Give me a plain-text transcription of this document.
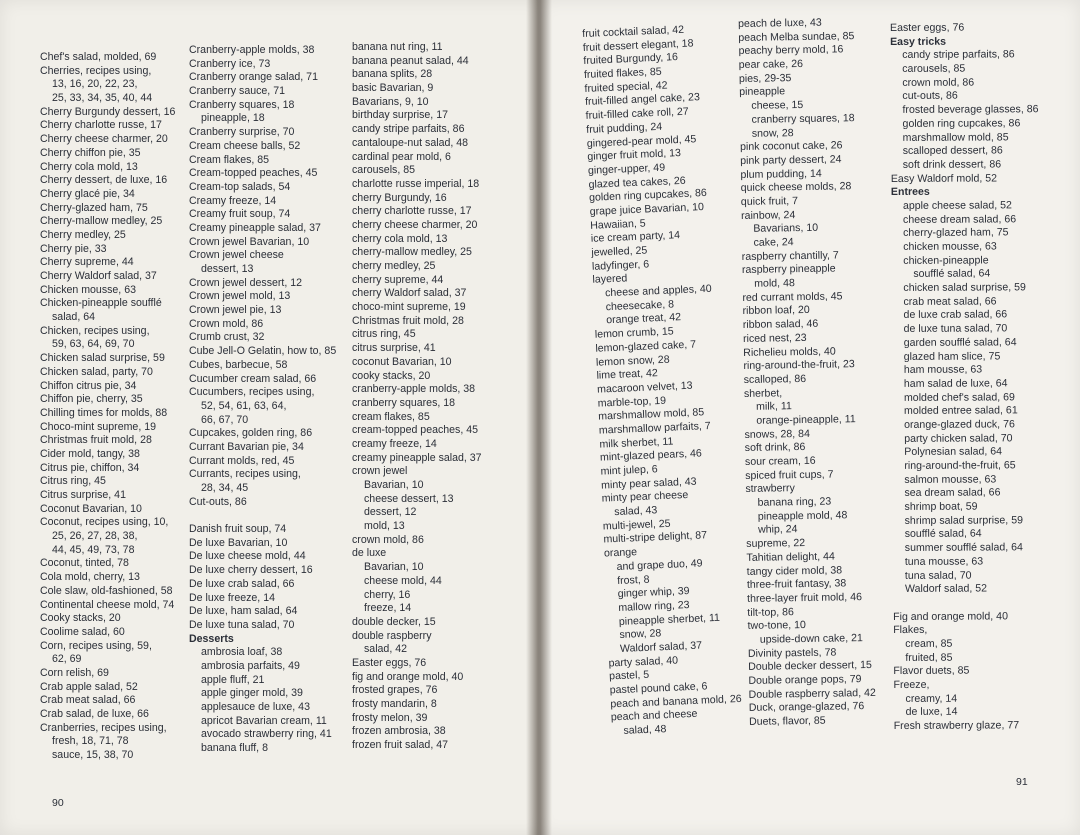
Chef's salad, molded, 69
Cherries, recipes using,
13, 16, 20, 22, 23,
25, 33, 34, 35, 40, 44
Cherry Burgundy dessert, 16
Cherry charlotte russe, 17
Cherry cheese charmer, 20
Cherry chiffon pie, 35
Cherry cola mold, 13
Cherry dessert, de luxe, 16
Cherry glacé pie, 34
Cherry-glazed ham, 75
Cherry-mallow medley, 25
Cherry medley, 25
Cherry pie, 33
Cherry supreme, 44
Cherry Waldorf salad, 37
Chicken mousse, 63
Chicken-pineapple soufflé
salad, 64
Chicken, recipes using,
59, 63, 64, 69, 70
Chicken salad surprise, 59
Chicken salad, party, 70
Chiffon citrus pie, 34
Chiffon pie, cherry, 35
Chilling times for molds, 88
Choco-mint supreme, 19
Christmas fruit mold, 28
Cider mold, tangy, 38
Citrus pie, chiffon, 34
Citrus ring, 45
Citrus surprise, 41
Coconut Bavarian, 10
Coconut, recipes using, 10,
25, 26, 27, 28, 38,
44, 45, 49, 73, 78
Coconut, tinted, 78
Cola mold, cherry, 13
Cole slaw, old-fashioned, 58
Continental cheese mold, 74
Cooky stacks, 20
Coolime salad, 60
Corn, recipes using, 59,
62, 69
Corn relish, 69
Crab apple salad, 52
Crab meat salad, 66
Crab salad, de luxe, 66
Cranberries, recipes using,
fresh, 18, 71, 78
sauce, 15, 38, 70
Cranberry-apple molds, 38
Cranberry ice, 73
Cranberry orange salad, 71
Cranberry sauce, 71
Cranberry squares, 18
pineapple, 18
Cranberry surprise, 70
Cream cheese balls, 52
Cream flakes, 85
Cream-topped peaches, 45
Cream-top salads, 54
Creamy freeze, 14
Creamy fruit soup, 74
Creamy pineapple salad, 37
Crown jewel Bavarian, 10
Crown jewel cheese
dessert, 13
Crown jewel dessert, 12
Crown jewel mold, 13
Crown jewel pie, 13
Crown mold, 86
Crumb crust, 32
Cube Jell-O Gelatin, how to, 85
Cubes, barbecue, 58
Cucumber cream salad, 66
Cucumbers, recipes using,
52, 54, 61, 63, 64,
66, 67, 70
Cupcakes, golden ring, 86
Currant Bavarian pie, 34
Currant molds, red, 45
Currants, recipes using,
28, 34, 45
Cut-outs, 86
Danish fruit soup, 74
De luxe Bavarian, 10
De luxe cheese mold, 44
De luxe cherry dessert, 16
De luxe crab salad, 66
De luxe freeze, 14
De luxe, ham salad, 64
De luxe tuna salad, 70
Desserts
ambrosia loaf, 38
ambrosia parfaits, 49
apple fluff, 21
apple ginger mold, 39
applesauce de luxe, 43
apricot Bavarian cream, 11
avocado strawberry ring, 41
banana fluff, 8
banana nut ring, 11
banana peanut salad, 44
banana splits, 28
basic Bavarian, 9
Bavarians, 9, 10
birthday surprise, 17
candy stripe parfaits, 86
cantaloupe-nut salad, 48
cardinal pear mold, 6
carousels, 85
charlotte russe imperial, 18
cherry Burgundy, 16
cherry charlotte russe, 17
cherry cheese charmer, 20
cherry cola mold, 13
cherry-mallow medley, 25
cherry medley, 25
cherry supreme, 44
cherry Waldorf salad, 37
choco-mint supreme, 19
Christmas fruit mold, 28
citrus ring, 45
citrus surprise, 41
coconut Bavarian, 10
cooky stacks, 20
cranberry-apple molds, 38
cranberry squares, 18
cream flakes, 85
cream-topped peaches, 45
creamy freeze, 14
creamy pineapple salad, 37
crown jewel
Bavarian, 10
cheese dessert, 13
dessert, 12
mold, 13
crown mold, 86
de luxe
Bavarian, 10
cheese mold, 44
cherry, 16
freeze, 14
double decker, 15
double raspberry
salad, 42
Easter eggs, 76
fig and orange mold, 40
frosted grapes, 76
frosty mandarin, 8
frosty melon, 39
frozen ambrosia, 38
frozen fruit salad, 47
90
fruit cocktail salad, 42
fruit dessert elegant, 18
fruited Burgundy, 16
fruited flakes, 85
fruited special, 42
fruit-filled angel cake, 23
fruit-filled cake roll, 27
fruit pudding, 24
gingered-pear mold, 45
ginger fruit mold, 13
ginger-upper, 49
glazed tea cakes, 26
golden ring cupcakes, 86
grape juice Bavarian, 10
Hawaiian, 5
ice cream party, 14
jewelled, 25
ladyfinger, 6
layered
cheese and apples, 40
cheesecake, 8
orange treat, 42
lemon crumb, 15
lemon-glazed cake, 7
lemon snow, 28
lime treat, 42
macaroon velvet, 13
marble-top, 19
marshmallow mold, 85
marshmallow parfaits, 7
milk sherbet, 11
mint-glazed pears, 46
mint julep, 6
minty pear salad, 43
minty pear cheese
salad, 43
multi-jewel, 25
multi-stripe delight, 87
orange
and grape duo, 49
frost, 8
ginger whip, 39
mallow ring, 23
pineapple sherbet, 11
snow, 28
Waldorf salad, 37
party salad, 40
pastel, 5
pastel pound cake, 6
peach and banana mold, 26
peach and cheese
salad, 48
peach de luxe, 43
peach Melba sundae, 85
peachy berry mold, 16
pear cake, 26
pies, 29-35
pineapple
cheese, 15
cranberry squares, 18
snow, 28
pink coconut cake, 26
pink party dessert, 24
plum pudding, 14
quick cheese molds, 28
quick fruit, 7
rainbow, 24
Bavarians, 10
cake, 24
raspberry chantilly, 7
raspberry pineapple
mold, 48
red currant molds, 45
ribbon loaf, 20
ribbon salad, 46
riced nest, 23
Richelieu molds, 40
ring-around-the-fruit, 23
scalloped, 86
sherbet,
milk, 11
orange-pineapple, 11
snows, 28, 84
soft drink, 86
sour cream, 16
spiced fruit cups, 7
strawberry
banana ring, 23
pineapple mold, 48
whip, 24
supreme, 22
Tahitian delight, 44
tangy cider mold, 38
three-fruit fantasy, 38
three-layer fruit mold, 46
tilt-top, 86
two-tone, 10
upside-down cake, 21
Divinity pastels, 78
Double decker dessert, 15
Double orange pops, 79
Double raspberry salad, 42
Duck, orange-glazed, 76
Duets, flavor, 85
Easter eggs, 76
Easy tricks
candy stripe parfaits, 86
carousels, 85
crown mold, 86
cut-outs, 86
frosted beverage glasses, 86
golden ring cupcakes, 86
marshmallow mold, 85
scalloped dessert, 86
soft drink dessert, 86
Easy Waldorf mold, 52
Entrees
apple cheese salad, 52
cheese dream salad, 66
cherry-glazed ham, 75
chicken mousse, 63
chicken-pineapple
soufflé salad, 64
chicken salad surprise, 59
crab meat salad, 66
de luxe crab salad, 66
de luxe tuna salad, 70
garden soufflé salad, 64
glazed ham slice, 75
ham mousse, 63
ham salad de luxe, 64
molded chef's salad, 69
molded entree salad, 61
orange-glazed duck, 76
party chicken salad, 70
Polynesian salad, 64
ring-around-the-fruit, 65
salmon mousse, 63
sea dream salad, 66
shrimp boat, 59
shrimp salad surprise, 59
soufflé salad, 64
summer soufflé salad, 64
tuna mousse, 63
tuna salad, 70
Waldorf salad, 52
Fig and orange mold, 40
Flakes,
cream, 85
fruited, 85
Flavor duets, 85
Freeze,
creamy, 14
de luxe, 14
Fresh strawberry glaze, 77
91
